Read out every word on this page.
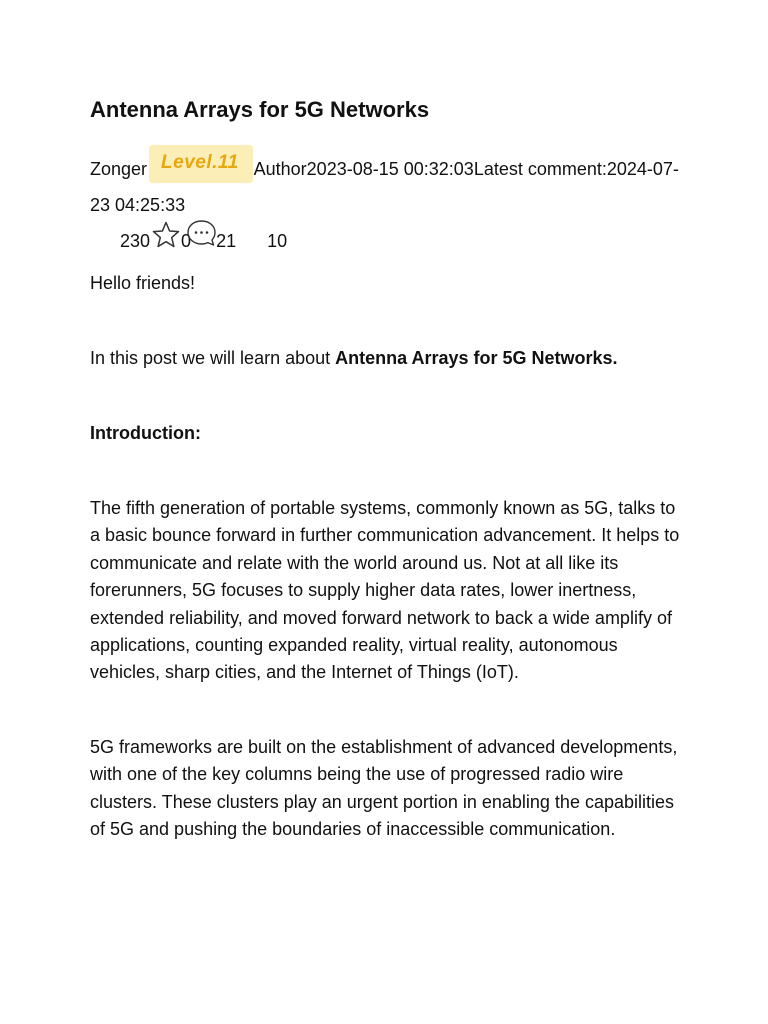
Antenna Arrays for 5G Networks
Zonger Level.11 Author2023-08-15 00:32:03Latest comment:2024-07-23 04:25:33
230 0 21 10

Hello friends!

In this post we will learn about Antenna Arrays for 5G Networks.

Introduction:

The fifth generation of portable systems, commonly known as 5G, talks to a basic bounce forward in further communication advancement. It helps to communicate and relate with the world around us. Not at all like its forerunners, 5G focuses to supply higher data rates, lower inertness, extended reliability, and moved forward network to back a wide amplify of applications, counting expanded reality, virtual reality, autonomous vehicles, sharp cities, and the Internet of Things (IoT).

5G frameworks are built on the establishment of advanced developments, with one of the key columns being the use of progressed radio wire clusters. These clusters play an urgent portion in enabling the capabilities of 5G and pushing the boundaries of inaccessible communication.
